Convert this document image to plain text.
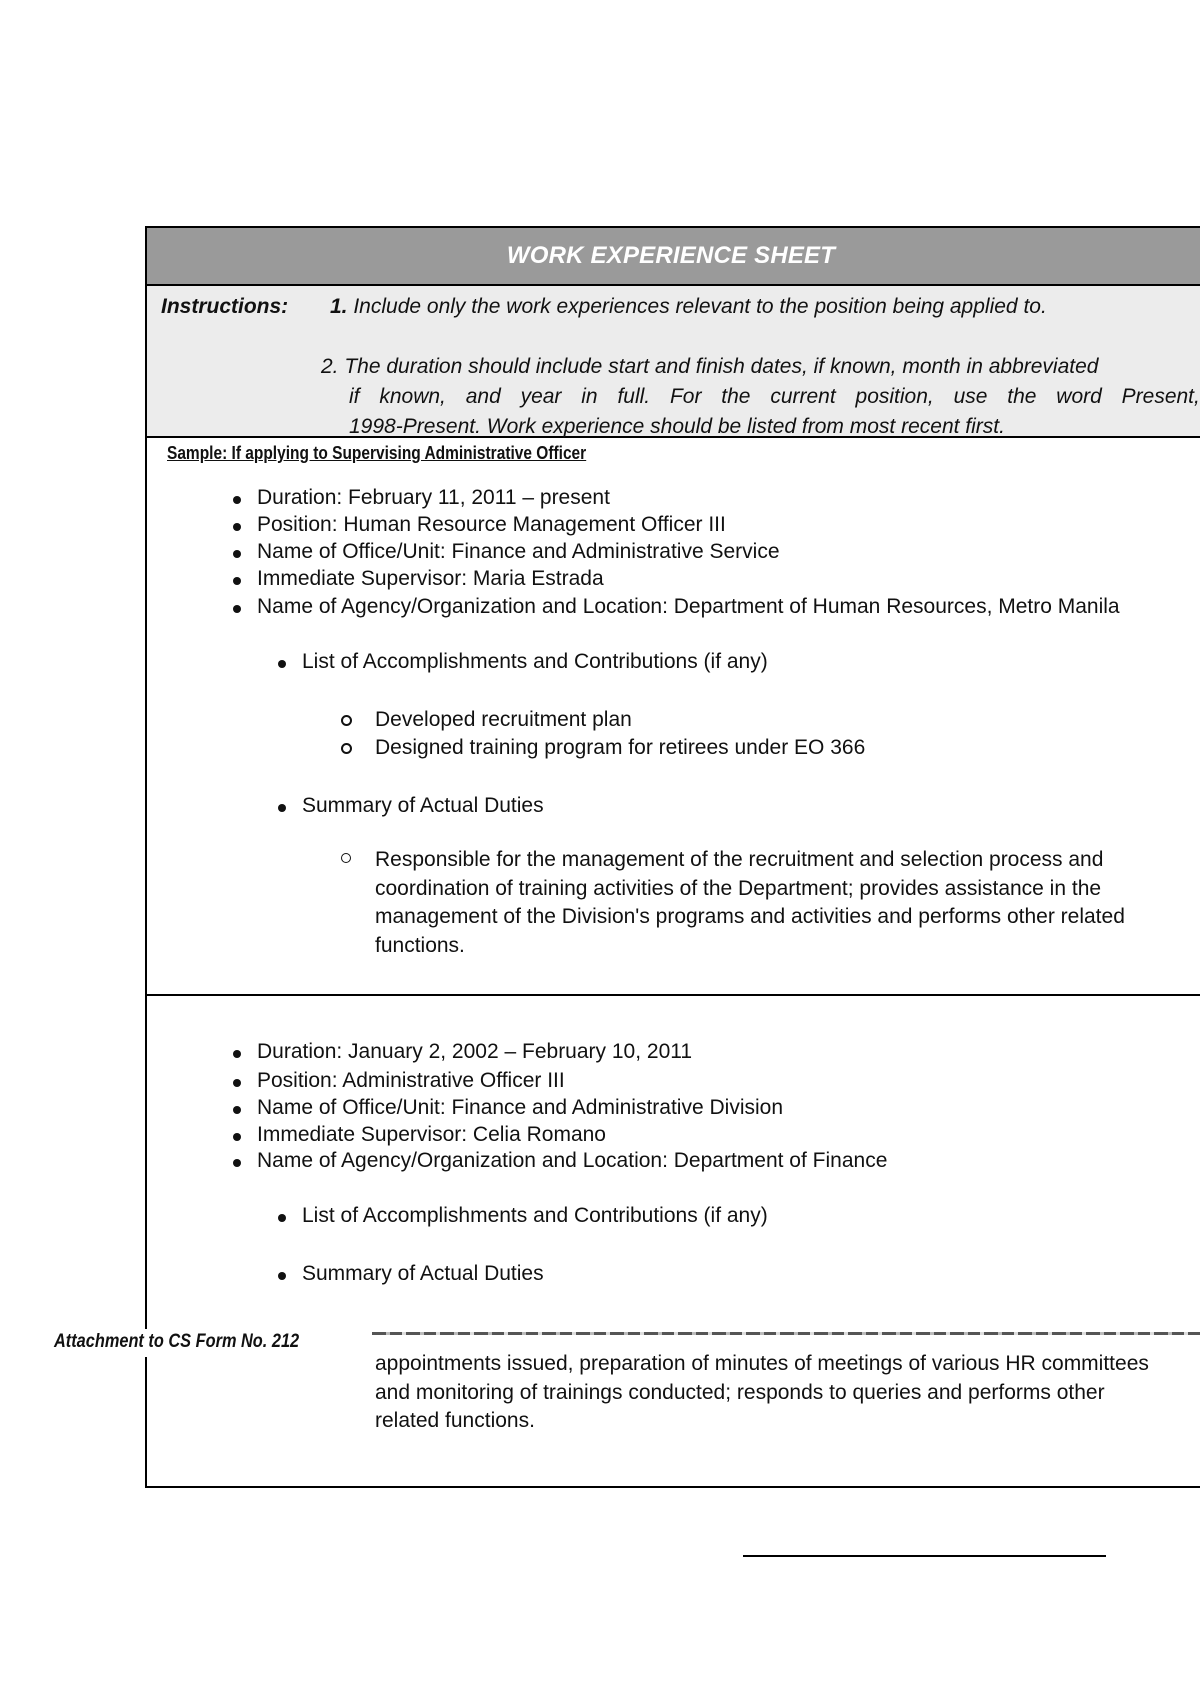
WORK EXPERIENCE SHEET
Instructions: 1. Include only the work experiences relevant to the position being applied to.
2. The duration should include start and finish dates, if known, month in abbreviated
if known, and year in full. For the current position, use the word Present,
1998-Present. Work experience should be listed from most recent first.
Sample: If applying to Supervising Administrative Officer
Duration: February 11, 2011 – present
Position: Human Resource Management Officer III
Name of Office/Unit: Finance and Administrative Service
Immediate Supervisor: Maria Estrada
Name of Agency/Organization and Location: Department of Human Resources, Metro Manila
List of Accomplishments and Contributions (if any)
Developed recruitment plan
Designed training program for retirees under EO 366
Summary of Actual Duties
Responsible for the management of the recruitment and selection process and
coordination of training activities of the Department; provides assistance in the
management of the Division's programs and activities and performs other related
functions.
Duration: January 2, 2002 – February 10, 2011
Position: Administrative Officer III
Name of Office/Unit: Finance and Administrative Division
Immediate Supervisor: Celia Romano
Name of Agency/Organization and Location: Department of Finance
List of Accomplishments and Contributions (if any)
Summary of Actual Duties
appointments issued, preparation of minutes of meetings of various HR committees
and monitoring of trainings conducted; responds to queries and performs other
related functions.
Attachment to CS Form No. 212
